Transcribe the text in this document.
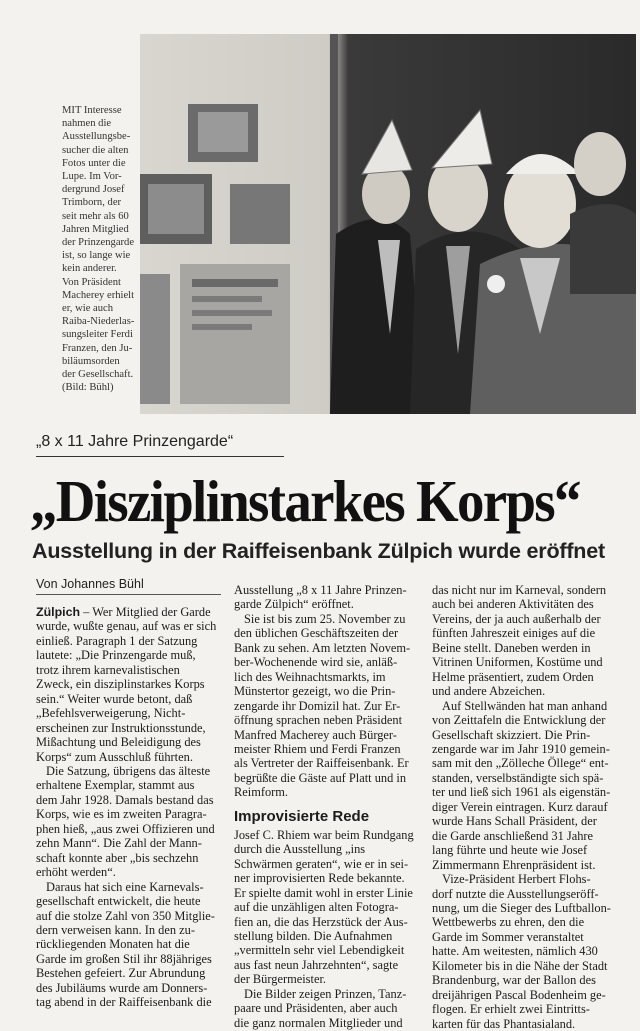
MIT Interesse
nahmen die
Ausstellungsbe-
sucher die alten
Fotos unter die
Lupe. Im Vor-
dergrund Josef
Trimborn, der
seit mehr als 60
Jahren Mitglied
der Prinzengarde
ist, so lange wie
kein anderer.
Von Präsident
Macherey erhielt
er, wie auch
Raiba-Niederlas-
sungsleiter Ferdi
Franzen, den Ju-
biläumsorden
der Gesellschaft.
(Bild: Bühl)

„8 x 11 Jahre Prinzengarde“

„Disziplinstarkes Korps“
Ausstellung in der Raiffeisenbank Zülpich wurde eröffnet

Von Johannes Bühl

Zülpich – Wer Mitglied der Garde
wurde, wußte genau, auf was er sich
einließ. Paragraph 1 der Satzung
lautete: „Die Prinzengarde muß,
trotz ihrem karnevalistischen
Zweck, ein disziplinstarkes Korps
sein.“ Weiter wurde betont, daß
„Befehlsverweigerung, Nicht-
erscheinen zur Instruktionsstunde,
Mißachtung und Beleidigung des
Korps“ zum Ausschluß führten.
Die Satzung, übrigens das älteste
erhaltene Exemplar, stammt aus
dem Jahr 1928. Damals bestand das
Korps, wie es im zweiten Paragra-
phen hieß, „aus zwei Offizieren und
zehn Mann“. Die Zahl der Mann-
schaft konnte aber „bis sechzehn
erhöht werden“.
Daraus hat sich eine Karnevals-
gesellschaft entwickelt, die heute
auf die stolze Zahl von 350 Mitglie-
dern verweisen kann. In den zu-
rückliegenden Monaten hat die
Garde im großen Stil ihr 88jähriges
Bestehen gefeiert. Zur Abrundung
des Jubiläums wurde am Donners-
tag abend in der Raiffeisenbank die
Ausstellung „8 x 11 Jahre Prinzen-
garde Zülpich“ eröffnet.
Sie ist bis zum 25. November zu
den üblichen Geschäftszeiten der
Bank zu sehen. Am letzten Novem-
ber-Wochenende wird sie, anläß-
lich des Weihnachtsmarkts, im
Münstertor gezeigt, wo die Prin-
zengarde ihr Domizil hat. Zur Er-
öffnung sprachen neben Präsident
Manfred Macherey auch Bürger-
meister Rhiem und Ferdi Franzen
als Vertreter der Raiffeisenbank. Er
begrüßte die Gäste auf Platt und in
Reimform.
Improvisierte Rede
Josef C. Rhiem war beim Rundgang
durch die Ausstellung „ins
Schwärmen geraten“, wie er in sei-
ner improvisierten Rede bekannte.
Er spielte damit wohl in erster Linie
auf die unzähligen alten Fotogra-
fien an, die das Herzstück der Aus-
stellung bilden. Die Aufnahmen
„vermitteln sehr viel Lebendigkeit
aus fast neun Jahrzehnten“, sagte
der Bürgermeister.
Die Bilder zeigen Prinzen, Tanz-
paare und Präsidenten, aber auch
die ganz normalen Mitglieder und
das nicht nur im Karneval, sondern
auch bei anderen Aktivitäten des
Vereins, der ja auch außerhalb der
fünften Jahreszeit einiges auf die
Beine stellt. Daneben werden in
Vitrinen Uniformen, Kostüme und
Helme präsentiert, zudem Orden
und andere Abzeichen.
Auf Stellwänden hat man anhand
von Zeittafeln die Entwicklung der
Gesellschaft skizziert. Die Prin-
zengarde war im Jahr 1910 gemein-
sam mit den „Zölleche Öllege“ ent-
standen, verselbständigte sich spä-
ter und ließ sich 1961 als eigenstän-
diger Verein eintragen. Kurz darauf
wurde Hans Schall Präsident, der
die Garde anschließend 31 Jahre
lang führte und heute wie Josef
Zimmermann Ehrenpräsident ist.
Vize-Präsident Herbert Flohs-
dorf nutzte die Ausstellungseröff-
nung, um die Sieger des Luftballon-
Wettbewerbs zu ehren, den die
Garde im Sommer veranstaltet
hatte. Am weitesten, nämlich 430
Kilometer bis in die Nähe der Stadt
Brandenburg, war der Ballon des
dreijährigen Pascal Bodenheim ge-
flogen. Er erhielt zwei Eintritts-
karten für das Phantasialand.
